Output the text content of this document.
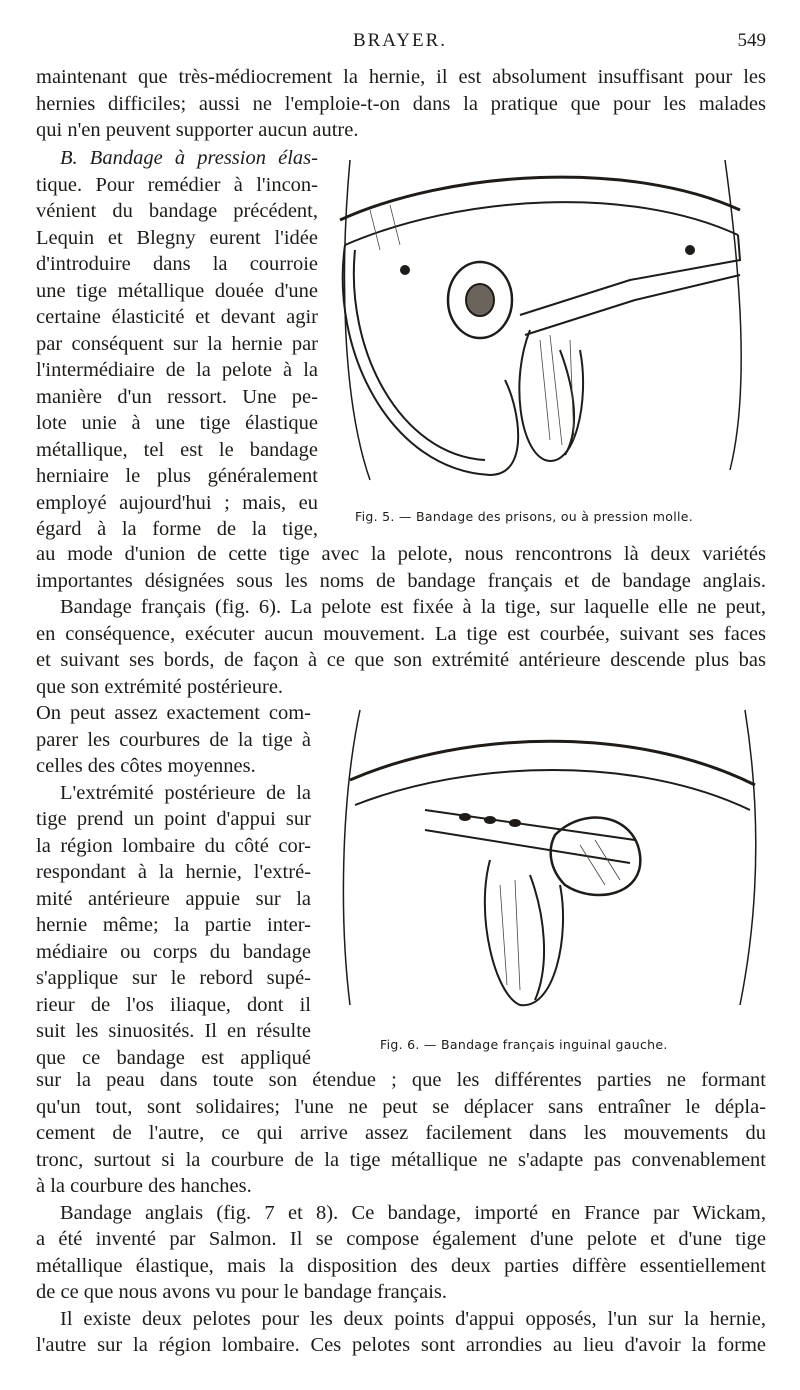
BRAYER.	549
maintenant que très-médiocrement la hernie, il est absolument insuffisant pour les
hernies difficiles; aussi ne l'emploie-t-on dans la pratique que pour les malades
qui n'en peuvent supporter aucun autre.
B. Bandage à pression élas-
tique. Pour remédier à l'incon-
vénient du bandage précédent,
Lequin et Blegny eurent l'idée
d'introduire dans la courroie
une tige métallique douée d'une
certaine élasticité et devant agir
par conséquent sur la hernie par
l'intermédiaire de la pelote à la
manière d'un ressort. Une pe-
lote unie à une tige élastique
métallique, tel est le bandage
herniaire le plus généralement
employé aujourd'hui ; mais, eu
égard à la forme de la tige,
Fig. 5. — Bandage des prisons, ou à pression molle.
au mode d'union de cette tige avec la pelote, nous rencontrons là deux variétés
importantes désignées sous les noms de bandage français et de bandage anglais.
Bandage français (fig. 6). La pelote est fixée à la tige, sur laquelle elle ne peut,
en conséquence, exécuter aucun mouvement. La tige est courbée, suivant ses faces
et suivant ses bords, de façon à ce que son extrémité antérieure descende plus bas
que son extrémité postérieure.
On peut assez exactement com-
parer les courbures de la tige à
celles des côtes moyennes.
L'extrémité postérieure de la
tige prend un point d'appui sur
la région lombaire du côté cor-
respondant à la hernie, l'extré-
mité antérieure appuie sur la
hernie même; la partie inter-
médiaire ou corps du bandage
s'applique sur le rebord supé-
rieur de l'os iliaque, dont il
suit les sinuosités. Il en résulte
que ce bandage est appliqué
Fig. 6. — Bandage français inguinal gauche.
sur la peau dans toute son étendue ; que les différentes parties ne formant
qu'un tout, sont solidaires; l'une ne peut se déplacer sans entraîner le dépla-
cement de l'autre, ce qui arrive assez facilement dans les mouvements du
tronc, surtout si la courbure de la tige métallique ne s'adapte pas convenablement
à la courbure des hanches.
Bandage anglais (fig. 7 et 8). Ce bandage, importé en France par Wickam,
a été inventé par Salmon. Il se compose également d'une pelote et d'une tige
métallique élastique, mais la disposition des deux parties diffère essentiellement
de ce que nous avons vu pour le bandage français.
Il existe deux pelotes pour les deux points d'appui opposés, l'un sur la hernie,
l'autre sur la région lombaire. Ces pelotes sont arrondies au lieu d'avoir la forme
